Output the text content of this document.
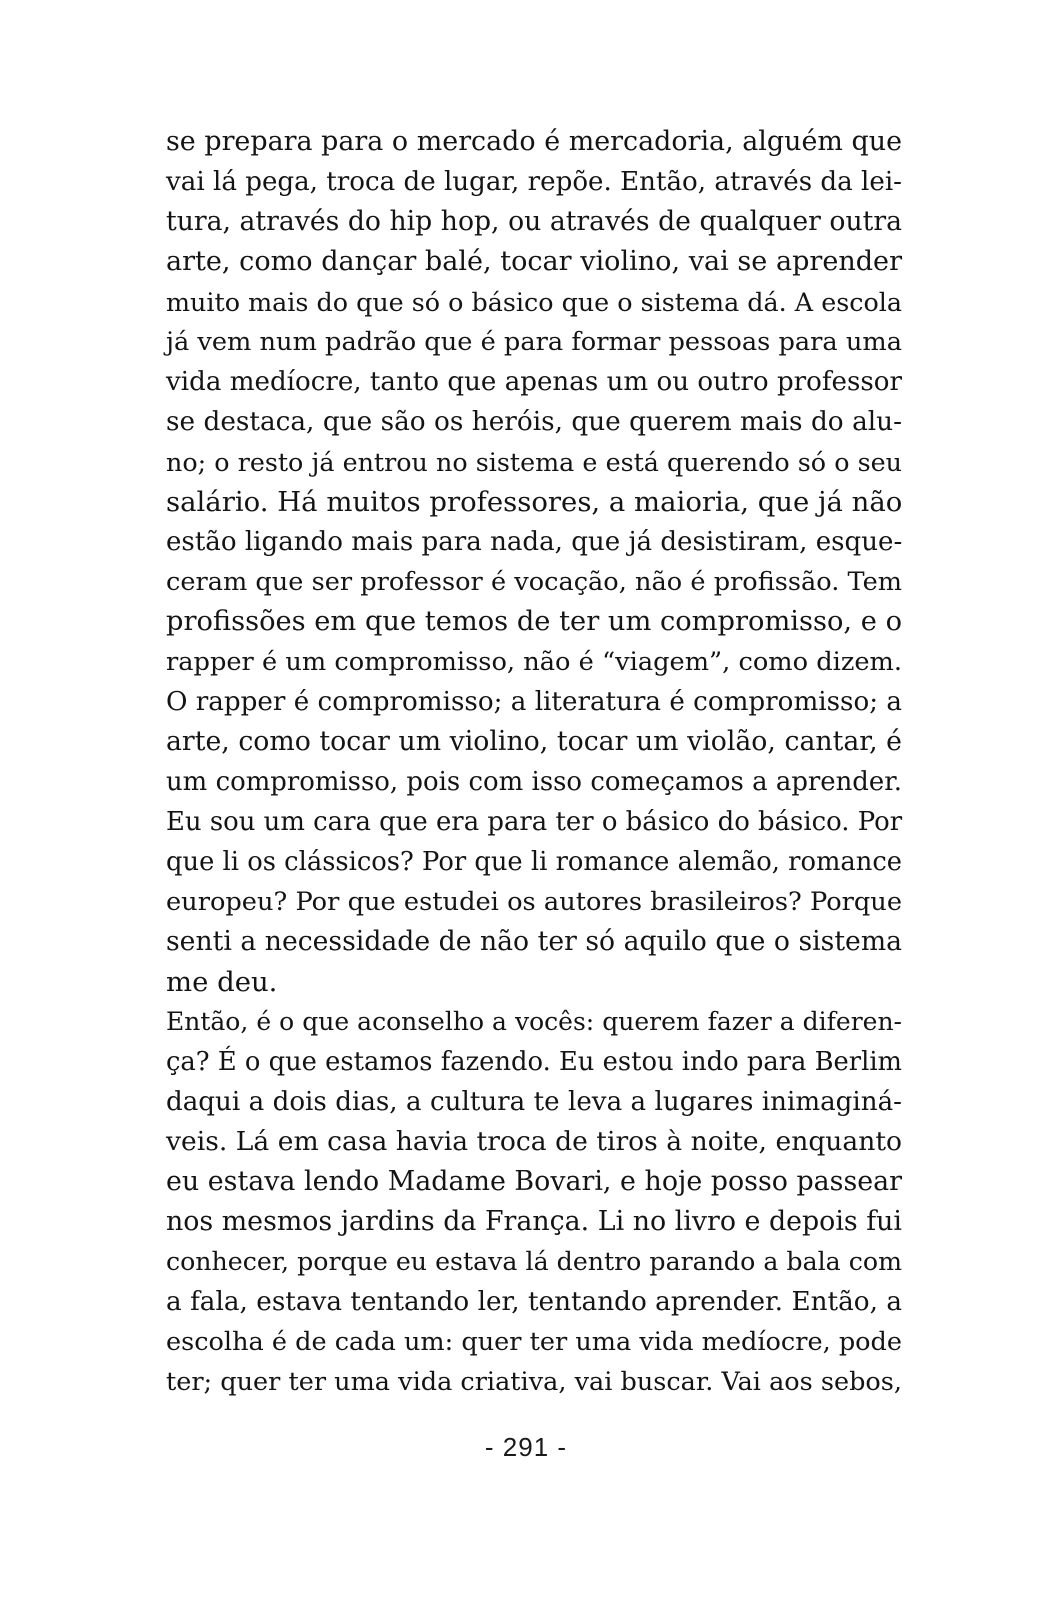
se prepara para o mercado é mercadoria, alguém que
vai lá pega, troca de lugar, repõe. Então, através da lei-
tura, através do hip hop, ou através de qualquer outra
arte, como dançar balé, tocar violino, vai se aprender
muito mais do que só o básico que o sistema dá. A escola
já vem num padrão que é para formar pessoas para uma
vida medíocre, tanto que apenas um ou outro professor
se destaca, que são os heróis, que querem mais do alu-
no; o resto já entrou no sistema e está querendo só o seu
salário. Há muitos professores, a maioria, que já não
estão ligando mais para nada, que já desistiram, esque-
ceram que ser professor é vocação, não é profissão. Tem
profissões em que temos de ter um compromisso, e o
rapper é um compromisso, não é “viagem”, como dizem.
O rapper é compromisso; a literatura é compromisso; a
arte, como tocar um violino, tocar um violão, cantar, é
um compromisso, pois com isso começamos a aprender.
Eu sou um cara que era para ter o básico do básico. Por
que li os clássicos? Por que li romance alemão, romance
europeu? Por que estudei os autores brasileiros? Porque
senti a necessidade de não ter só aquilo que o sistema
me deu.
Então, é o que aconselho a vocês: querem fazer a diferen-
ça? É o que estamos fazendo. Eu estou indo para Berlim
daqui a dois dias, a cultura te leva a lugares inimaginá-
veis. Lá em casa havia troca de tiros à noite, enquanto
eu estava lendo Madame Bovari, e hoje posso passear
nos mesmos jardins da França. Li no livro e depois fui
conhecer, porque eu estava lá dentro parando a bala com
a fala, estava tentando ler, tentando aprender. Então, a
escolha é de cada um: quer ter uma vida medíocre, pode
ter; quer ter uma vida criativa, vai buscar. Vai aos sebos,
- 291 -
